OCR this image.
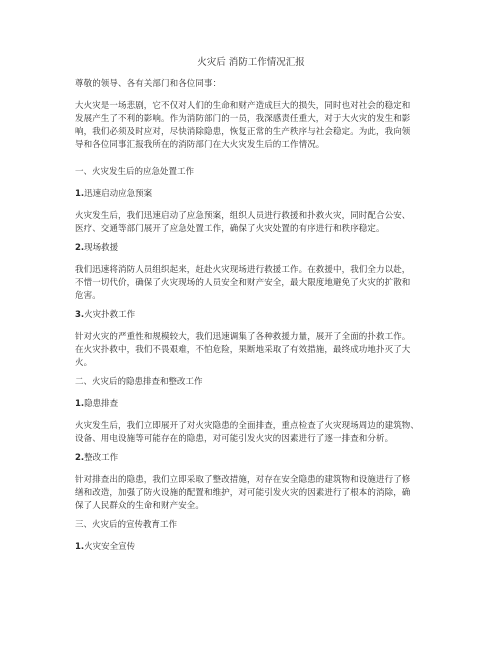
火灾后 消防工作情况汇报
尊敬的领导、各有关部门和各位同事：
大火灾是一场悲剧，它不仅对人们的生命和财产造成巨大的损失，同时也对社会的稳定和
发展产生了不利的影响。作为消防部门的一员，我深感责任重大，对于大火灾的发生和影
响，我们必须及时应对，尽快消除隐患，恢复正常的生产秩序与社会稳定。为此，我向领
导和各位同事汇报我所在的消防部门在大火灾发生后的工作情况。
一、火灾发生后的应急处置工作
1.迅速启动应急预案
火灾发生后，我们迅速启动了应急预案，组织人员进行救援和扑救火灾，同时配合公安、
医疗、交通等部门展开了应急处置工作，确保了火灾处置的有序进行和秩序稳定。
2.现场救援
我们迅速将消防人员组织起来，赶赴火灾现场进行救援工作。在救援中，我们全力以赴，
不惜一切代价，确保了火灾现场的人员安全和财产安全，最大限度地避免了火灾的扩散和
危害。
3.火灾扑救工作
针对火灾的严重性和规模较大，我们迅速调集了各种救援力量，展开了全面的扑救工作。
在火灾扑救中，我们不畏艰难，不怕危险，果断地采取了有效措施，最终成功地扑灭了大
火。
二、火灾后的隐患排查和整改工作
1.隐患排查
火灾发生后，我们立即展开了对火灾隐患的全面排查，重点检查了火灾现场周边的建筑物、
设备、用电设施等可能存在的隐患，对可能引发火灾的因素进行了逐一排查和分析。
2.整改工作
针对排查出的隐患，我们立即采取了整改措施，对存在安全隐患的建筑物和设施进行了修
缮和改造，加强了防火设施的配置和维护，对可能引发火灾的因素进行了根本的消除，确
保了人民群众的生命和财产安全。
三、火灾后的宣传教育工作
1.火灾安全宣传
